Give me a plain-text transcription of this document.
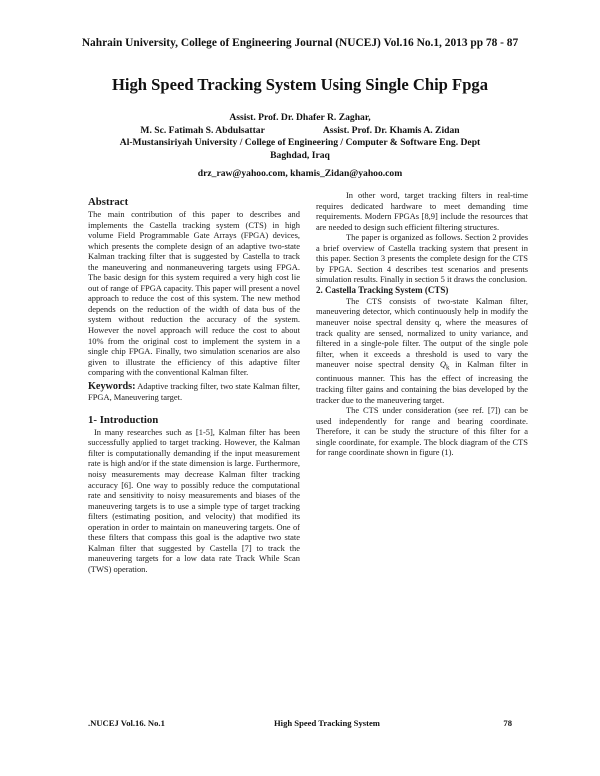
Nahrain University, College of Engineering Journal (NUCEJ) Vol.16 No.1, 2013 pp 78 - 87
High Speed Tracking System Using Single Chip Fpga
Assist. Prof. Dr. Dhafer R. Zaghar,
M. Sc. Fatimah S. Abdulsattar	Assist. Prof. Dr. Khamis A. Zidan
Al-Mustansiriyah University / College of Engineering / Computer & Software Eng. Dept
Baghdad, Iraq
drz_raw@yahoo.com, khamis_Zidan@yahoo.com

Abstract

The main contribution of this paper to describes and implements the Castella tracking system (CTS) in high volume Field Programmable Gate Arrays (FPGA) devices, which presents the complete design of an adaptive two-state Kalman tracking filter that is suggested by Castella to track the maneuvering and nonmaneuvering targets using FPGA. The basic design for this system required a very high cost lie out of range of FPGA capacity. This paper will present a novel approach to reduce the cost of this system. The new method depends on the reduction of the width of data bus of the system without reduction the accuracy of the system. However the novel approach will reduce the cost to about 10% from the original cost to implement the system in a single chip FPGA. Finally, two simulation scenarios are also given to illustrate the efficiency of this adaptive filter comparing with the conventional Kalman filter.

Keywords: Adaptive tracking filter, two state Kalman filter, FPGA, Maneuvering target.

1- Introduction

In many researches such as [1-5], Kalman filter has been successfully applied to target tracking. However, the Kalman filter is computationally demanding if the input measurement rate is high and/or if the state dimension is large. Furthermore, noisy measurements may decrease Kalman filter tracking accuracy [6]. One way to possibly reduce the computational rate and sensitivity to noisy measurements and biases of the maneuvering targets is to use a simple type of target tracking filters (estimating position, and velocity) that modified its operation in order to maintain on maneuvering targets. One of these filters that compass this goal is the adaptive two state Kalman filter that suggested by Castella [7] to track the maneuvering targets for a low data rate Track While Scan (TWS) operation.

In other word, target tracking filters in real-time requires dedicated hardware to meet demanding time requirements. Modern FPGAs [8,9] include the resources that are needed to design such efficient filtering structures.

The paper is organized as follows. Section 2 provides a brief overview of Castella tracking system that present in this paper. Section 3 presents the complete design for the CTS by FPGA. Section 4 describes test scenarios and presents simulation results. Finally in section 5 it draws the conclusion.

2. Castella Tracking System (CTS)

The CTS consists of two-state Kalman filter, maneuvering detector, which continuously help in modify the maneuver noise spectral density q, where the measures of track quality are sensed, normalized to unity variance, and filtered in a single-pole filter. The output of the single pole filter, when it exceeds a threshold is used to vary the maneuver noise spectral density $Q_k$ in Kalman filter in continuous manner. This has the effect of increasing the tracking filter gains and containing the bias developed by the tracker due to the maneuvering target.

The CTS under consideration (see ref. [7]) can be used independently for range and bearing coordinate. Therefore, it can be study the structure of this filter for a single coordinate, for example. The block diagram of the CTS for range coordinate shown in figure (1).

.NUCEJ Vol.16. No.1	High Speed Tracking System	78
